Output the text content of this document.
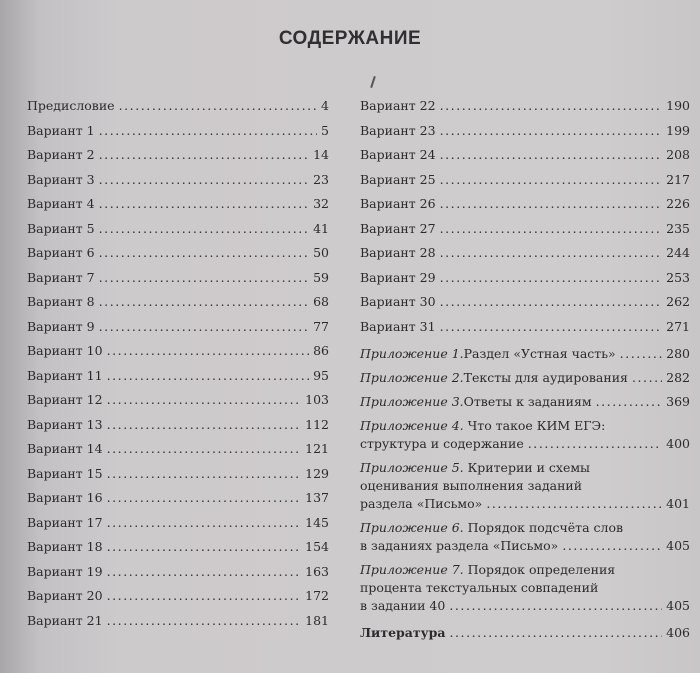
СОДЕРЖАНИЕ
Предисловие . . .	4
Вариант 1 . . .	5
Вариант 2 . . .	14
Вариант 3 . . .	23
Вариант 4 . . .	32
Вариант 5 . . .	41
Вариант 6 . . .	50
Вариант 7 . . .	59
Вариант 8 . . .	68
Вариант 9 . . .	77
Вариант 10 . . .	86
Вариант 11 . . .	95
Вариант 12 . . .	103
Вариант 13 . . .	112
Вариант 14 . . .	121
Вариант 15 . . .	129
Вариант 16 . . .	137
Вариант 17 . . .	145
Вариант 18 . . .	154
Вариант 19 . . .	163
Вариант 20 . . .	172
Вариант 21 . . .	181
Вариант 22 . . .	190
Вариант 23 . . .	199
Вариант 24 . . .	208
Вариант 25 . . .	217
Вариант 26 . . .	226
Вариант 27 . . .	235
Вариант 28 . . .	244
Вариант 29 . . .	253
Вариант 30 . . .	262
Вариант 31 . . .	271
Приложение 1. Раздел «Устная часть» . . .	280
Приложение 2. Тексты для аудирования . . .	282
Приложение 3. Ответы к заданиям . . .	369
Приложение 4. Что такое КИМ ЕГЭ:
структура и содержание . . .	400
Приложение 5. Критерии и схемы
оценивания выполнения заданий
раздела «Письмо» . . .	401
Приложение 6. Порядок подсчёта слов
в заданиях раздела «Письмо» . . .	405
Приложение 7. Порядок определения
процента текстуальных совпадений
в задании 40 . . .	405
Литература . . .	406
